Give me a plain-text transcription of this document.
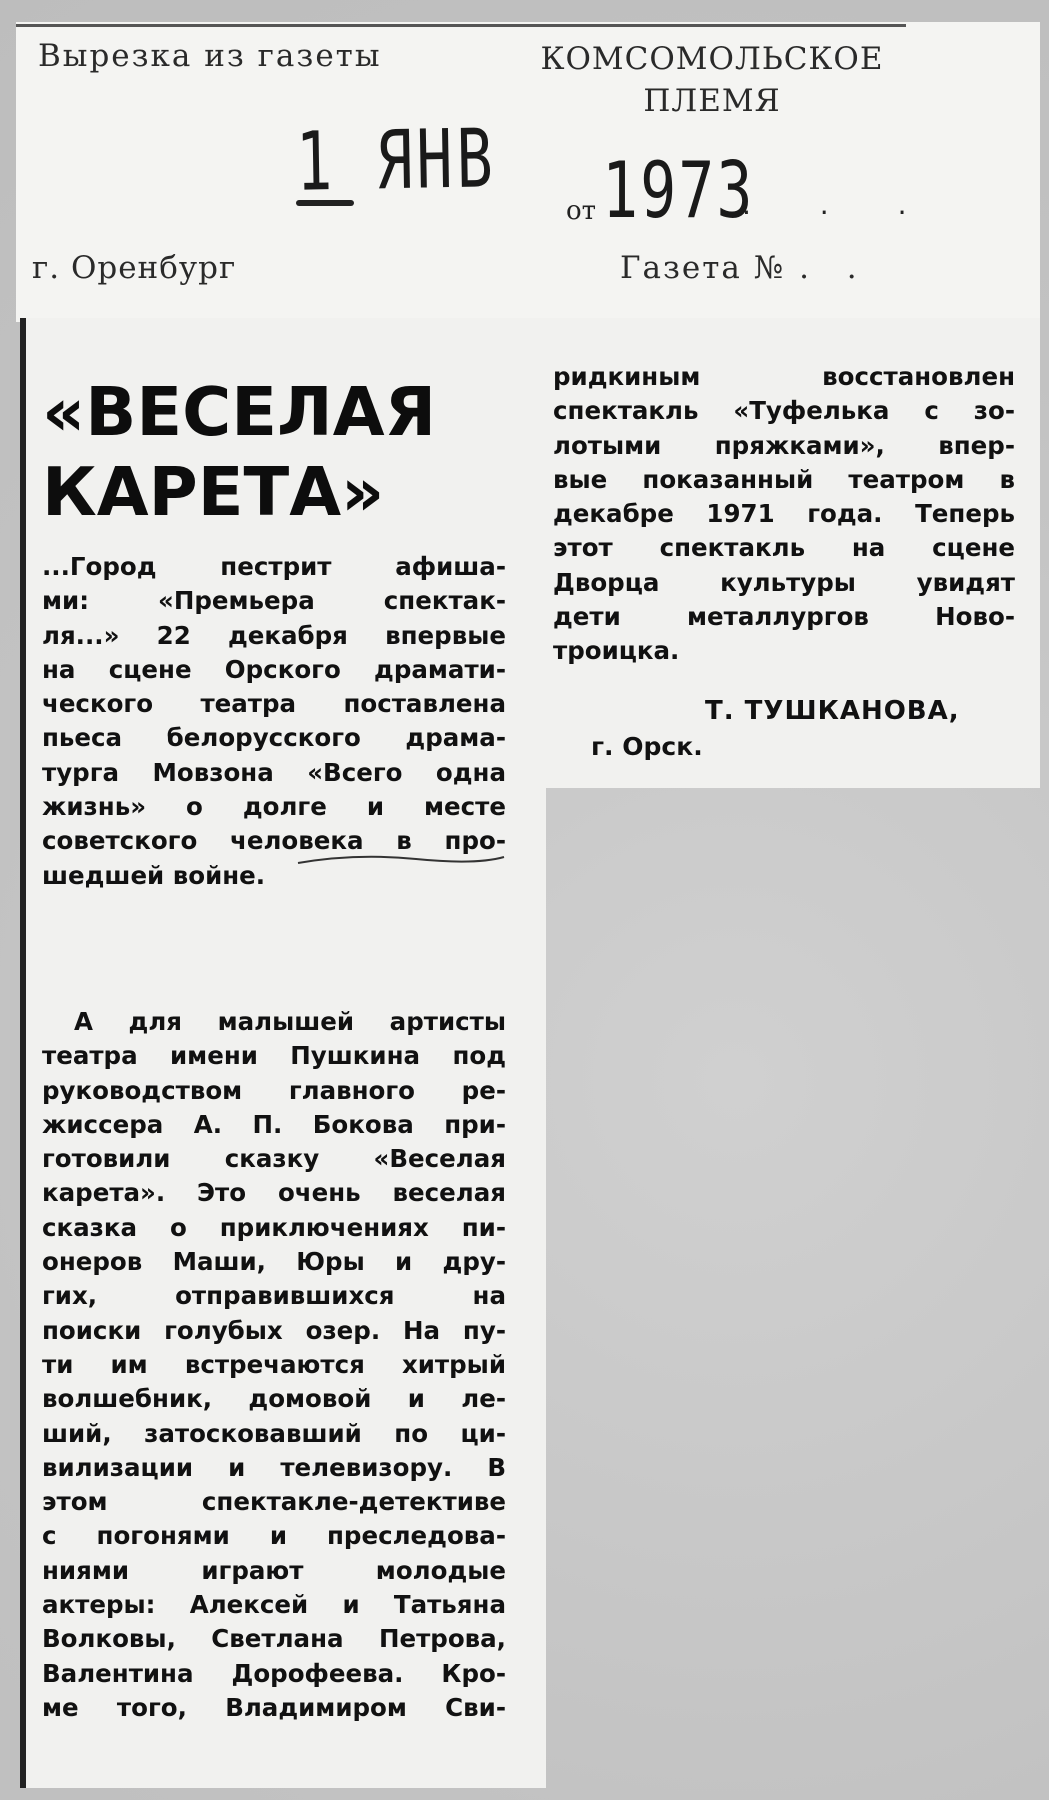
Вырезка из газеты	КОМСОМОЛЬСКОЕ
ПЛЕМЯ
1 ЯНВ
от 1973
. . .
г. Оренбург	Газета № . .
«ВЕСЕЛАЯ
КАРЕТА»
...Город пестрит афиша-
ми: «Премьера спектак-
ля...» 22 декабря впервые
на сцене Орского драмати-
ческого театра поставлена
пьеса белорусского драма-
турга Мовзона «Всего одна
жизнь» о долге и месте
советского человека в про-
шедшей войне.
А для малышей артисты
театра имени Пушкина под
руководством главного ре-
жиссера А. П. Бокова при-
готовили сказку «Веселая
карета». Это очень веселая
сказка о приключениях пи-
онеров Маши, Юры и дру-
гих, отправившихся на
поиски голубых озер. На пу-
ти им встречаются хитрый
волшебник, домовой и ле-
ший, затосковавший по ци-
вилизации и телевизору. В
этом спектакле-детективе
с погонями и преследова-
ниями играют молодые
актеры: Алексей и Татьяна
Волковы, Светлана Петрова,
Валентина Дорофеева. Кро-
ме того, Владимиром Сви-
ридкиным восстановлен
спектакль «Туфелька с зо-
лотыми пряжками», впер-
вые показанный театром в
декабре 1971 года. Теперь
этот спектакль на сцене
Дворца культуры увидят
дети металлургов Ново-
троицка.
Т. ТУШКАНОВА,
г. Орск.
